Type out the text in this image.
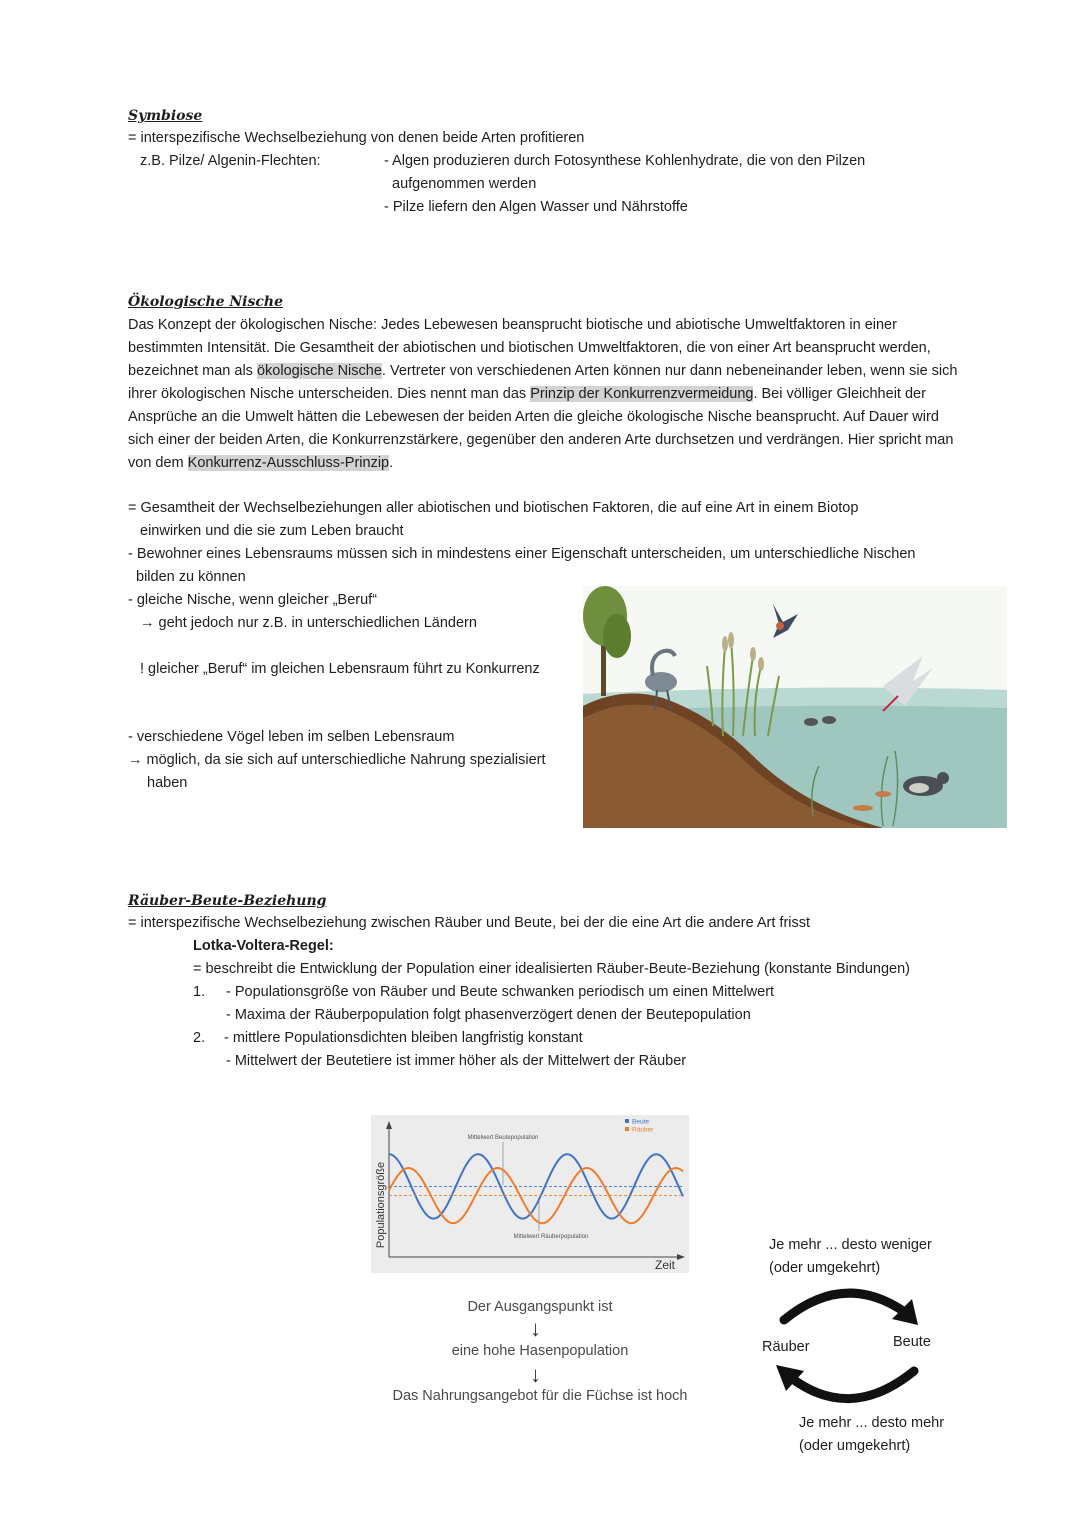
Symbiose
= interspezifische Wechselbeziehung von denen beide Arten profitieren
z.B. Pilze/ Algenin-Flechten:	- Algen produzieren durch Fotosynthese Kohlenhydrate, die von den Pilzen
aufgenommen werden
- Pilze liefern den Algen Wasser und Nährstoffe
Ökologische Nische
Das Konzept der ökologischen Nische: Jedes Lebewesen beansprucht biotische und abiotische Umweltfaktoren in einer bestimmten Intensität. Die Gesamtheit der abiotischen und biotischen Umweltfaktoren, die von einer Art beansprucht werden, bezeichnet man als ökologische Nische. Vertreter von verschiedenen Arten können nur dann nebeneinander leben, wenn sie sich ihrer ökologischen Nische unterscheiden. Dies nennt man das Prinzip der Konkurrenzvermeidung. Bei völliger Gleichheit der Ansprüche an die Umwelt hätten die Lebewesen der beiden Arten die gleiche ökologische Nische beansprucht. Auf Dauer wird sich einer der beiden Arten, die Konkurrenzstärkere, gegenüber den anderen Arte durchsetzen und verdrängen. Hier spricht man von dem Konkurrenz-Ausschluss-Prinzip.
= Gesamtheit der Wechselbeziehungen aller abiotischen und biotischen Faktoren, die auf eine Art in einem Biotop
einwirken und die sie zum Leben braucht
- Bewohner eines Lebensraums müssen sich in mindestens einer Eigenschaft unterscheiden, um unterschiedliche Nischen
bilden zu können
- gleiche Nische, wenn gleicher „Beruf“
→ geht jedoch nur z.B. in unterschiedlichen Ländern
! gleicher „Beruf“ im gleichen Lebensraum führt zu Konkurrenz
- verschiedene Vögel leben im selben Lebensraum
→ möglich, da sie sich auf unterschiedliche Nahrung spezialisiert
haben
Räuber-Beute-Beziehung
= interspezifische Wechselbeziehung zwischen Räuber und Beute, bei der die eine Art die andere Art frisst
Lotka-Voltera-Regel:
= beschreibt die Entwicklung der Population einer idealisierten Räuber-Beute-Beziehung (konstante Bindungen)
1. - Populationsgröße von Räuber und Beute schwanken periodisch um einen Mittelwert
- Maxima der Räuberpopulation folgt phasenverzögert denen der Beutepopulation
2. - mittlere Populationsdichten bleiben langfristig konstant
- Mittelwert der Beutetiere ist immer höher als der Mittelwert der Räuber
Populationsgröße
Zeit
Mittelwert Beutepopulation
Mittelwert Räuberpopulation
Beute
Räuber
Der Ausgangspunkt ist
↓
eine hohe Hasenpopulation
↓
Das Nahrungsangebot für die Füchse ist hoch
Je mehr ... desto weniger
(oder umgekehrt)
Räuber	Beute
Je mehr ... desto mehr
(oder umgekehrt)
